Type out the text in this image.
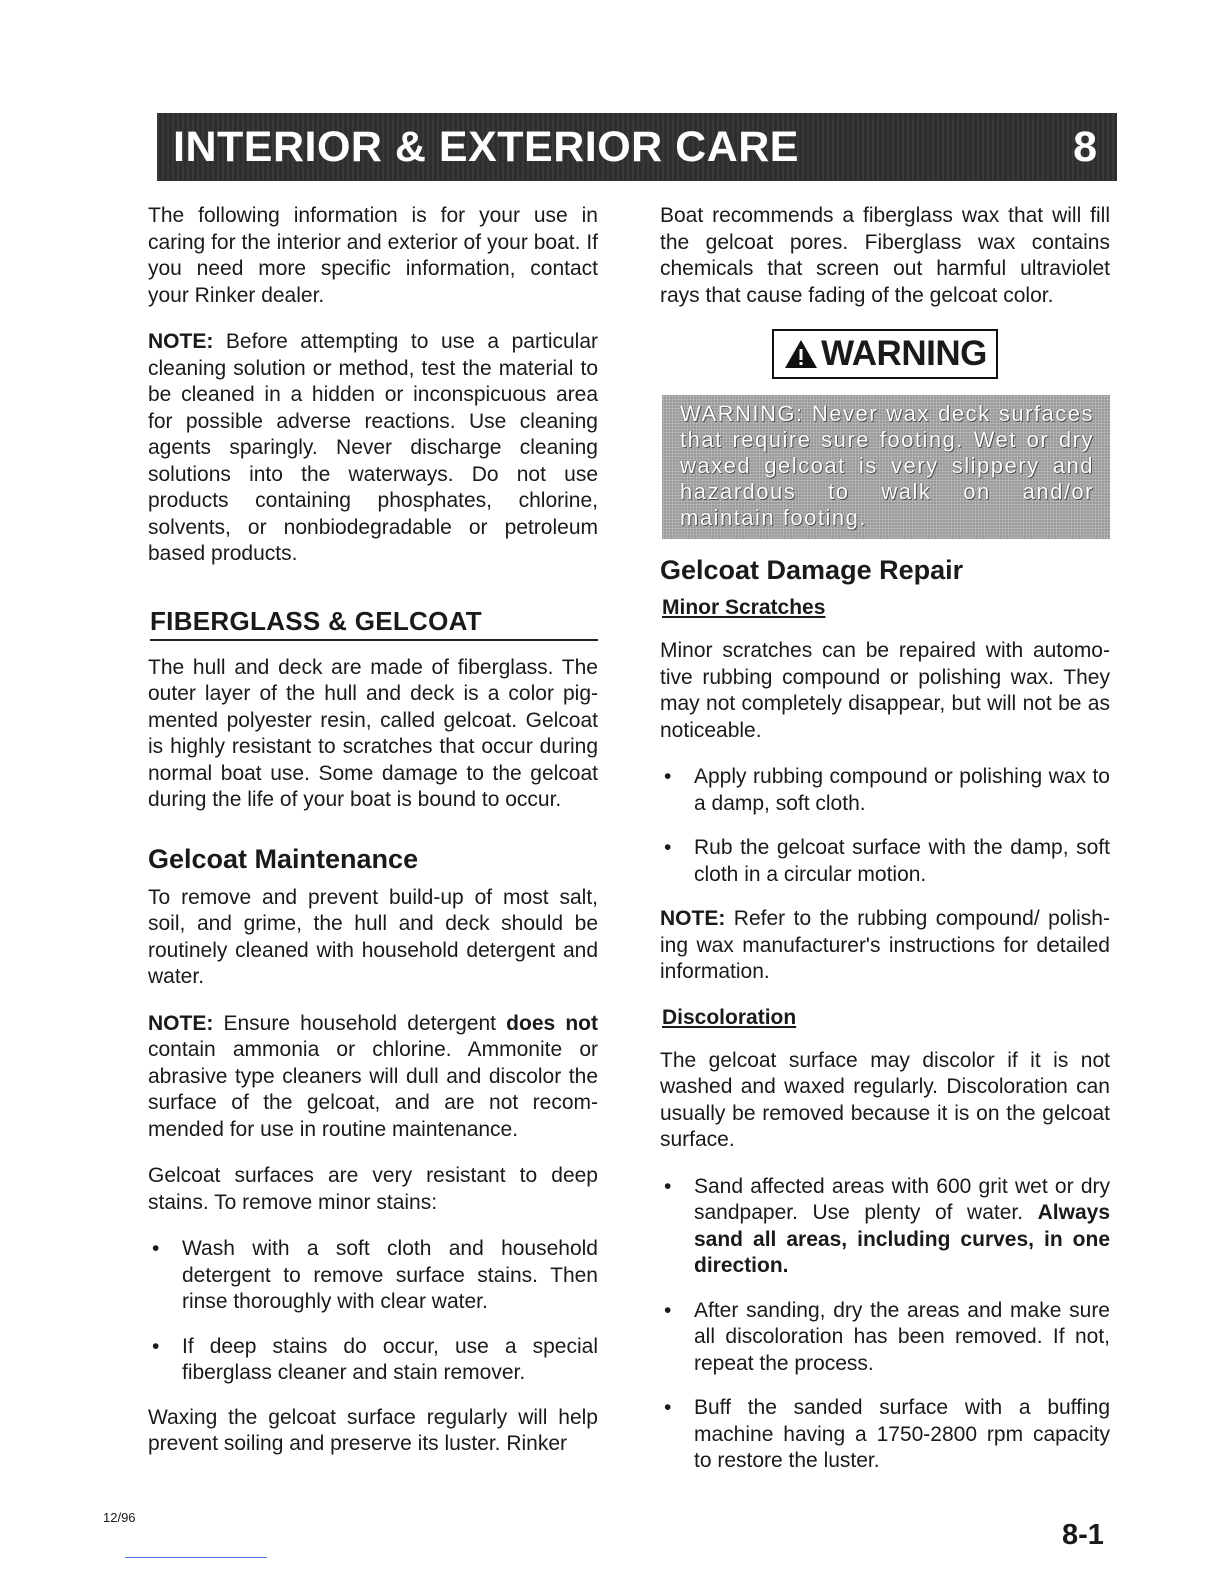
INTERIOR & EXTERIOR CARE	8

The following information is for your use in caring for the interior and exterior of your boat. If you need more specific information, contact your Rinker dealer.

NOTE: Before attempting to use a particular cleaning solution or method, test the material to be cleaned in a hidden or inconspicuous area for possible adverse reactions. Use cleaning agents sparingly. Never discharge cleaning solutions into the waterways. Do not use products containing phosphates, chlorine, solvents, or nonbiodegradable or petroleum based products.

FIBERGLASS & GELCOAT

The hull and deck are made of fiberglass. The outer layer of the hull and deck is a color pigmented polyester resin, called gelcoat. Gelcoat is highly resistant to scratches that occur during normal boat use. Some damage to the gelcoat during the life of your boat is bound to occur.

Gelcoat Maintenance

To remove and prevent build-up of most salt, soil, and grime, the hull and deck should be routinely cleaned with household detergent and water.

NOTE: Ensure household detergent does not contain ammonia or chlorine. Ammonite or abrasive type cleaners will dull and discolor the surface of the gelcoat, and are not recommended for use in routine maintenance.

Gelcoat surfaces are very resistant to deep stains. To remove minor stains:

• Wash with a soft cloth and household detergent to remove surface stains. Then rinse thoroughly with clear water.
• If deep stains do occur, use a special fiberglass cleaner and stain remover.

Waxing the gelcoat surface regularly will help prevent soiling and preserve its luster. Rinker

Boat recommends a fiberglass wax that will fill the gelcoat pores. Fiberglass wax contains chemicals that screen out harmful ultraviolet rays that cause fading of the gelcoat color.

WARNING
WARNING: Never wax deck surfaces that require sure footing. Wet or dry waxed gelcoat is very slippery and hazardous to walk on and/or maintain footing.
Gelcoat Damage Repair
Minor Scratches

Minor scratches can be repaired with automotive rubbing compound or polishing wax. They may not completely disappear, but will not be as noticeable.

• Apply rubbing compound or polishing wax to a damp, soft cloth.
• Rub the gelcoat surface with the damp, soft cloth in a circular motion.

NOTE: Refer to the rubbing compound/ polishing wax manufacturer's instructions for detailed information.

Discoloration

The gelcoat surface may discolor if it is not washed and waxed regularly. Discoloration can usually be removed because it is on the gelcoat surface.

• Sand affected areas with 600 grit wet or dry sandpaper. Use plenty of water. Always sand all areas, including curves, in one direction.
• After sanding, dry the areas and make sure all discoloration has been removed. If not, repeat the process.
• Buff the sanded surface with a buffing machine having a 1750-2800 rpm capacity to restore the luster.
12/96
8-1
